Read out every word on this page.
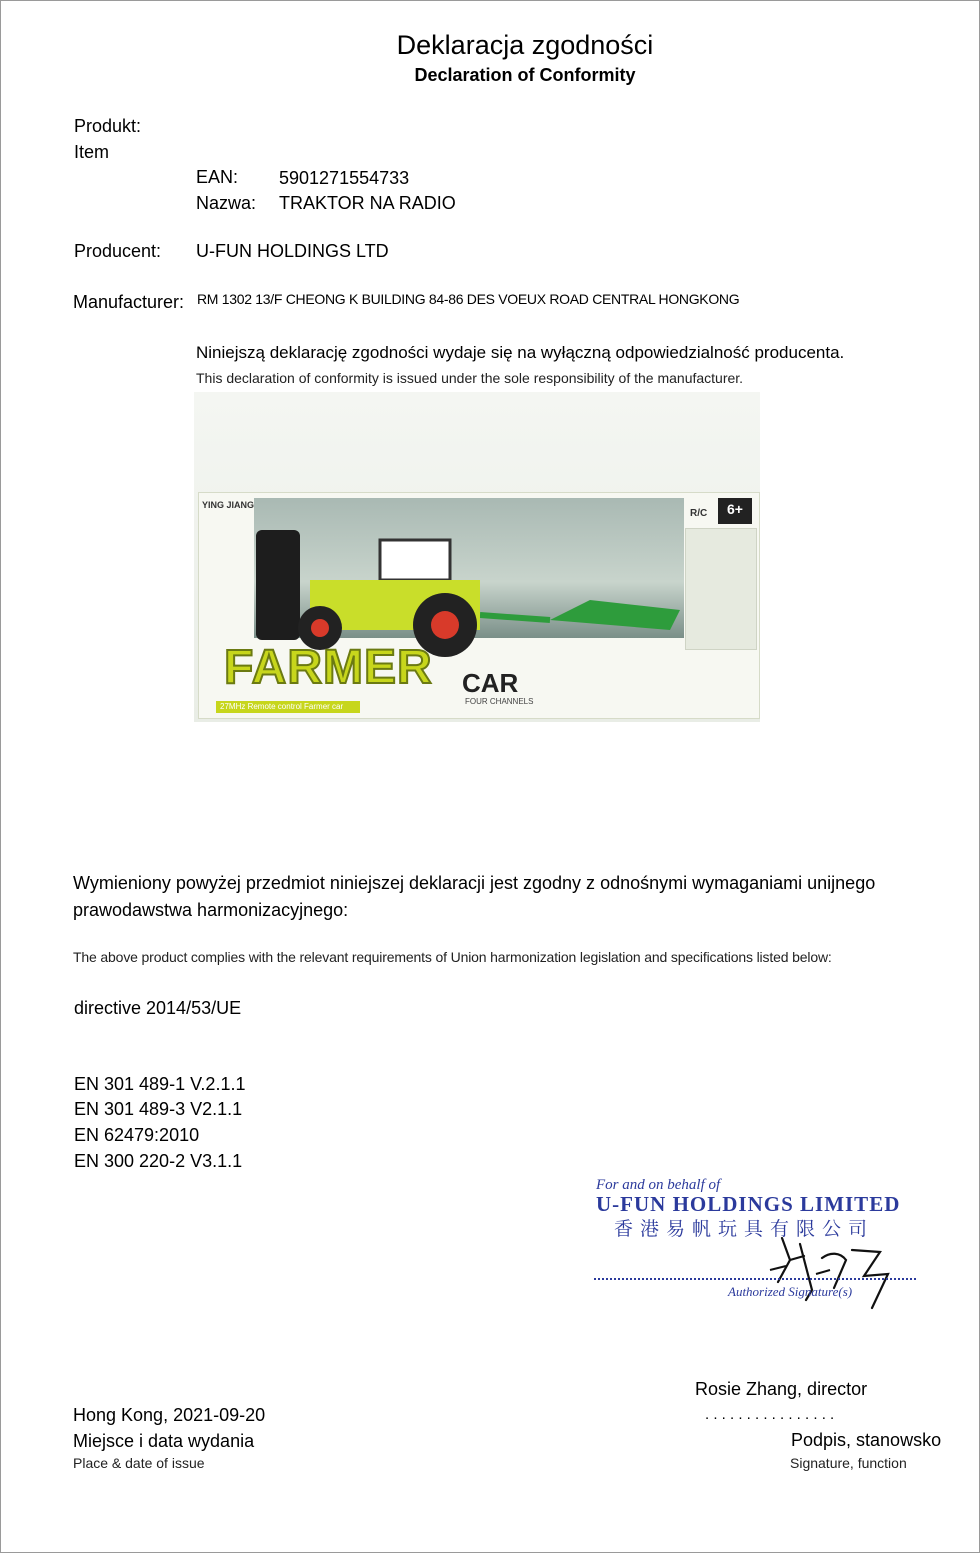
Deklaracja zgodności
Declaration of Conformity
Produkt:
Item
EAN: 5901271554733
Nazwa: TRAKTOR NA RADIO
Producent: U-FUN HOLDINGS LTD
Manufacturer: RM 1302 13/F CHEONG K BUILDING 84-86 DES VOEUX ROAD CENTRAL HONGKONG
Niniejszą deklarację zgodności wydaje się na wyłączną odpowiedzialność producenta.
This declaration of conformity is issued under the sole responsibility of the manufacturer.
YING JIANG
R/C	6+
FARMER CAR
FOUR CHANNELS
27MHz Remote control Farmer car
Wymieniony powyżej przedmiot niniejszej deklaracji jest zgodny z odnośnymi wymaganiami unijnego
prawodawstwa harmonizacyjnego:
The above product complies with the relevant requirements of Union harmonization legislation and specifications listed below:
directive 2014/53/UE
EN 301 489-1 V.2.1.1
EN 301 489-3 V2.1.1
EN 62479:2010
EN 300 220-2 V3.1.1
For and on behalf of
U-FUN HOLDINGS LIMITED
香港易帆玩具有限公司
Authorized Signature(s)
Rosie Zhang, director
. . . . . . . . . . . . . . . .
Podpis, stanowsko
Signature, function
Hong Kong, 2021-09-20
Miejsce i data wydania
Place & date of issue
